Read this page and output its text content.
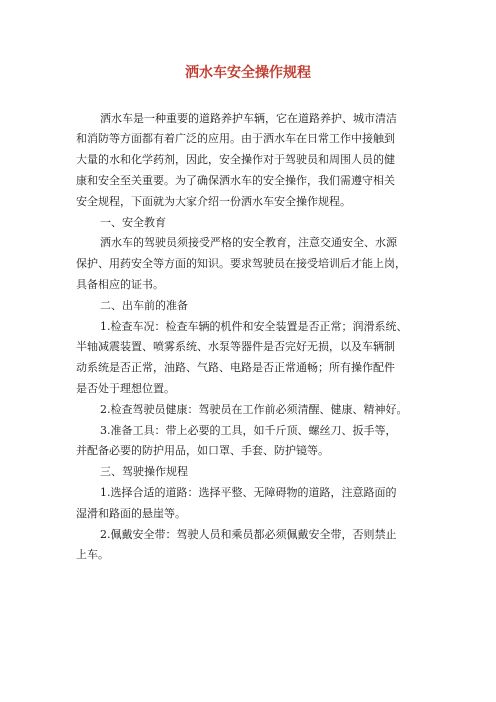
洒水车安全操作规程

洒水车是一种重要的道路养护车辆，它在道路养护、城市清洁

和消防等方面都有着广泛的应用。由于洒水车在日常工作中接触到

大量的水和化学药剂，因此，安全操作对于驾驶员和周围人员的健

康和安全至关重要。为了确保洒水车的安全操作，我们需遵守相关

安全规程，下面就为大家介绍一份洒水车安全操作规程。

一、安全教育

洒水车的驾驶员须接受严格的安全教育，注意交通安全、水源

保护、用药安全等方面的知识。要求驾驶员在接受培训后才能上岗，

具备相应的证书。

二、出车前的准备

1.检查车况：检查车辆的机件和安全装置是否正常；润滑系统、

半轴减震装置、喷雾系统、水泵等器件是否完好无损，以及车辆制

动系统是否正常，油路、气路、电路是否正常通畅；所有操作配件

是否处于理想位置。

2.检查驾驶员健康：驾驶员在工作前必须清醒、健康、精神好。

3.准备工具：带上必要的工具，如千斤顶、螺丝刀、扳手等，

并配备必要的防护用品，如口罩、手套、防护镜等。

三、驾驶操作规程

1.选择合适的道路：选择平整、无障碍物的道路，注意路面的

湿滑和路面的悬崖等。

2.佩戴安全带：驾驶人员和乘员都必须佩戴安全带，否则禁止

上车。
